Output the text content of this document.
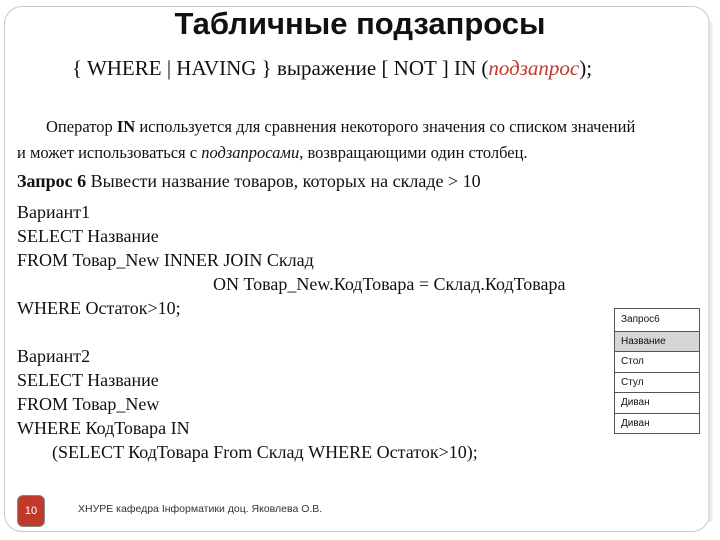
Табличные подзапросы
{ WHERE | HAVING } выражение [ NOT ] IN (подзапрос);
Оператор IN используется для сравнения некоторого значения со списком значений
и может использоваться с подзапросами, возвращающими один столбец.
Запрос 6 Вывести название товаров, которых на складе > 10
Вариант1
SELECT Название
FROM Товар_New INNER JOIN Склад
ON Товар_New.КодТовара = Склад.КодТовара
WHERE Остаток>10;
Вариант2
SELECT Название
FROM Товар_New
WHERE КодТовара IN
(SELECT КодТовара From Склад WHERE Остаток>10);
Запрос6
Название
Стол
Стул
Диван
Диван
10	ХНУРЕ кафедра Інформатики доц. Яковлева О.В.
